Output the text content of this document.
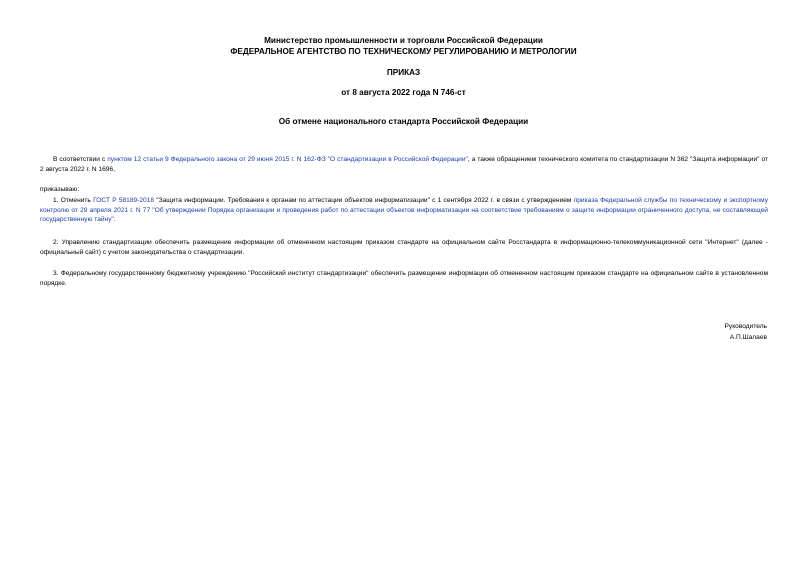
Министерство промышленности и торговли Российской Федерации
ФЕДЕРАЛЬНОЕ АГЕНТСТВО ПО ТЕХНИЧЕСКОМУ РЕГУЛИРОВАНИЮ И МЕТРОЛОГИИ
ПРИКАЗ
от 8 августа 2022 года N 746-ст
Об отмене национального стандарта Российской Федерации
В соответствии с пунктом 12 статьи 9 Федерального закона от 29 июня 2015 г. N 162-ФЗ "О стандартизации в Российской Федерации", а также обращением технического комитета по стандартизации N 362 "Защита информации" от 2 августа 2022 г. N 1696,
приказываю:
1. Отменить ГОСТ Р 58189-2018 "Защита информации. Требования к органам по аттестации объектов информатизации" с 1 сентября 2022 г. в связи с утверждением приказа Федеральной службы по техническому и экспортному контролю от 29 апреля 2021 г. N 77 "Об утверждении Порядка организации и проведения работ по аттестации объектов информатизации на соответствие требованиям о защите информации ограниченного доступа, не составляющей государственную тайну".
2. Управлению стандартизации обеспечить размещение информации об отмененном настоящим приказом стандарте на официальном сайте Росстандарта в информационно-телекоммуникационной сети "Интернет" (далее - официальный сайт) с учетом законодательства о стандартизации.
3. Федеральному государственному бюджетному учреждению "Российский институт стандартизации" обеспечить размещение информации об отмененном настоящим приказом стандарте на официальном сайте в установленном порядке.
Руководитель
А.П.Шалаев
